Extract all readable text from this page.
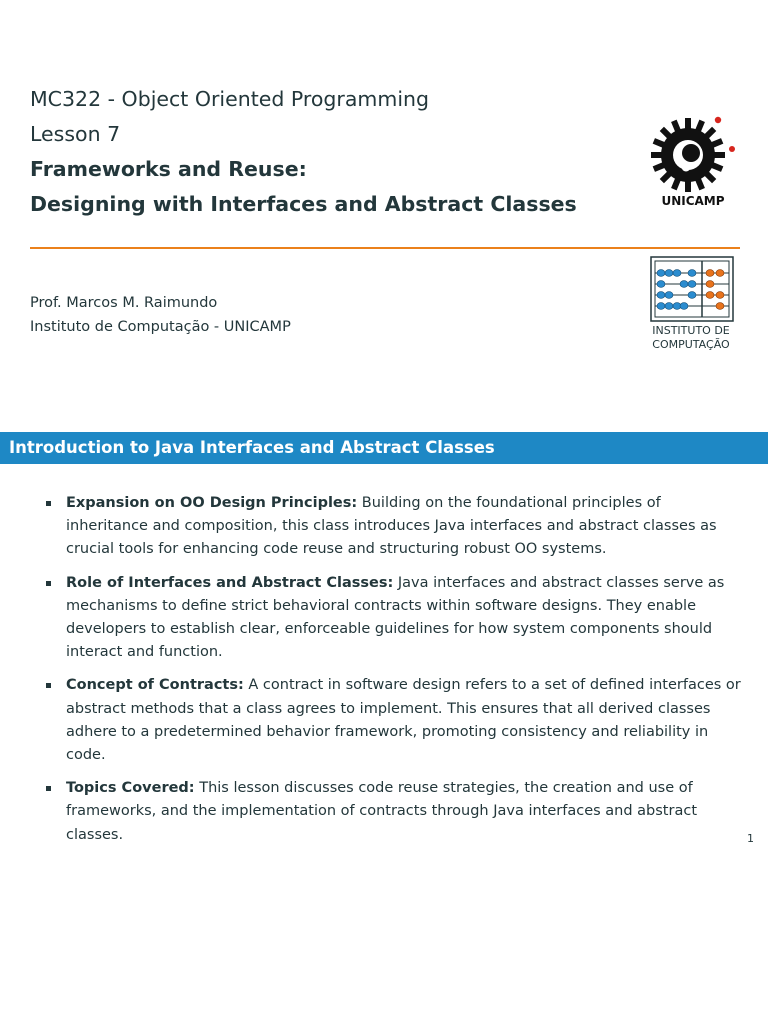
MC322 - Object Oriented Programming
Lesson 7
Frameworks and Reuse:
Designing with Interfaces and Abstract Classes	UNICAMP
Prof. Marcos M. Raimundo
Instituto de Computação - UNICAMP	INSTITUTO DE
COMPUTAÇÃO
Introduction to Java Interfaces and Abstract Classes
Expansion on OO Design Principles: Building on the foundational principles of inheritance and composition, this class introduces Java interfaces and abstract classes as crucial tools for enhancing code reuse and structuring robust OO systems.
Role of Interfaces and Abstract Classes: Java interfaces and abstract classes serve as mechanisms to define strict behavioral contracts within software designs. They enable developers to establish clear, enforceable guidelines for how system components should interact and function.
Concept of Contracts: A contract in software design refers to a set of defined interfaces or abstract methods that a class agrees to implement. This ensures that all derived classes adhere to a predetermined behavior framework, promoting consistency and reliability in code.
Topics Covered: This lesson discusses code reuse strategies, the creation and use of frameworks, and the implementation of contracts through Java interfaces and abstract classes.	1
